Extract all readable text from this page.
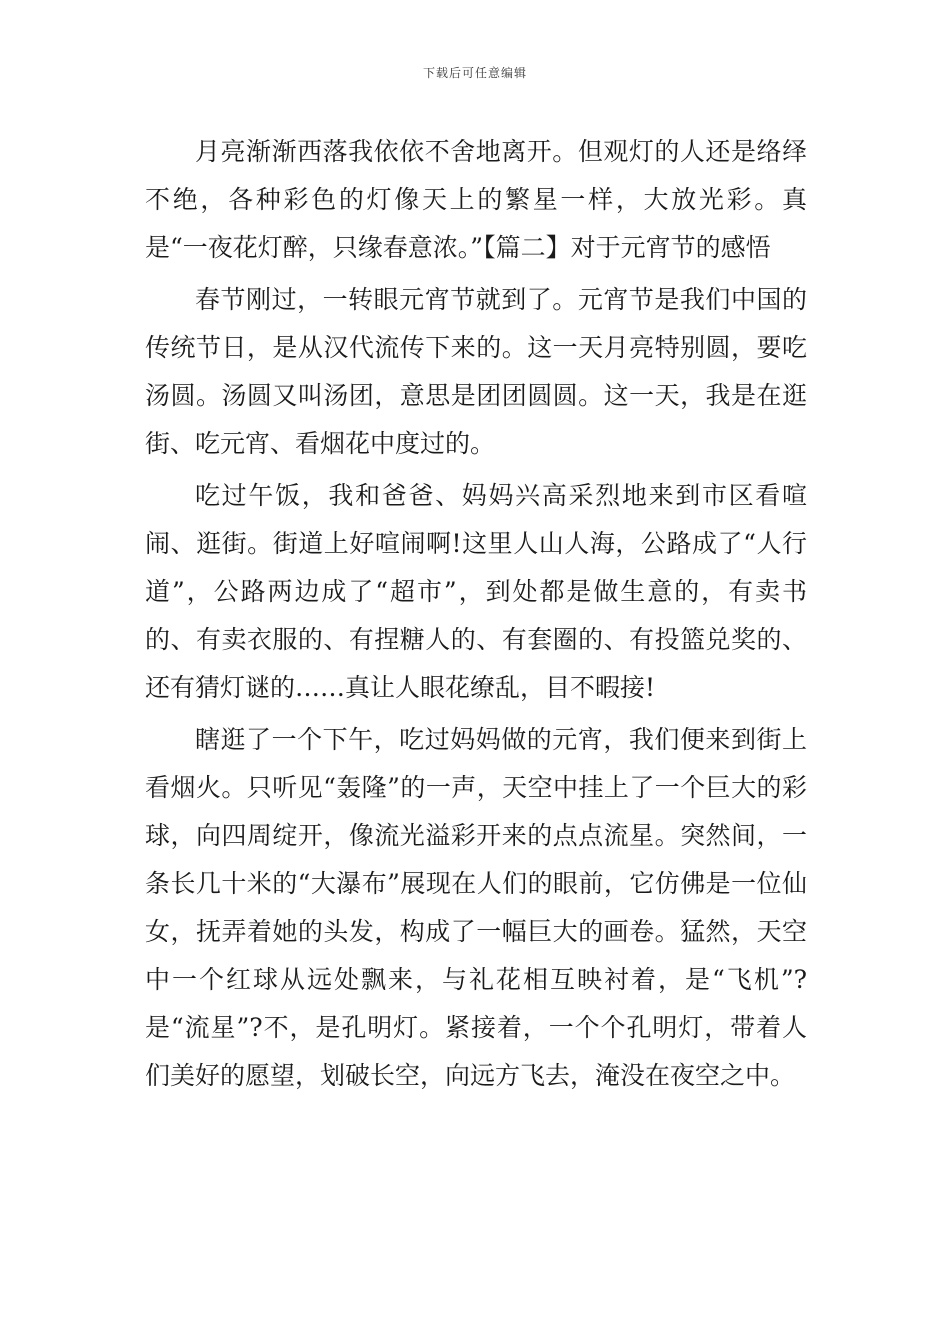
下载后可任意编辑

月亮渐渐西落我依依不舍地离开。但观灯的人还是络绎不绝，各种彩色的灯像天上的繁星一样，大放光彩。真是“一夜花灯醉，只缘春意浓。”【篇二】对于元宵节的感悟

春节刚过，一转眼元宵节就到了。元宵节是我们中国的传统节日，是从汉代流传下来的。这一天月亮特别圆，要吃汤圆。汤圆又叫汤团，意思是团团圆圆。这一天，我是在逛街、吃元宵、看烟花中度过的。

吃过午饭，我和爸爸、妈妈兴高采烈地来到市区看喧闹、逛街。街道上好喧闹啊!这里人山人海，公路成了“人行道”，公路两边成了“超市”，到处都是做生意的，有卖书的、有卖衣服的、有捏糖人的、有套圈的、有投篮兑奖的、还有猜灯谜的……真让人眼花缭乱，目不暇接!

瞎逛了一个下午，吃过妈妈做的元宵，我们便来到街上看烟火。只听见“轰隆”的一声，天空中挂上了一个巨大的彩球，向四周绽开，像流光溢彩开来的点点流星。突然间，一条长几十米的“大瀑布”展现在人们的眼前，它仿佛是一位仙女，抚弄着她的头发，构成了一幅巨大的画卷。猛然，天空中一个红球从远处飘来，与礼花相互映衬着，是“飞机”?是“流星”?不，是孔明灯。紧接着，一个个孔明灯，带着人们美好的愿望，划破长空，向远方飞去，淹没在夜空之中。
